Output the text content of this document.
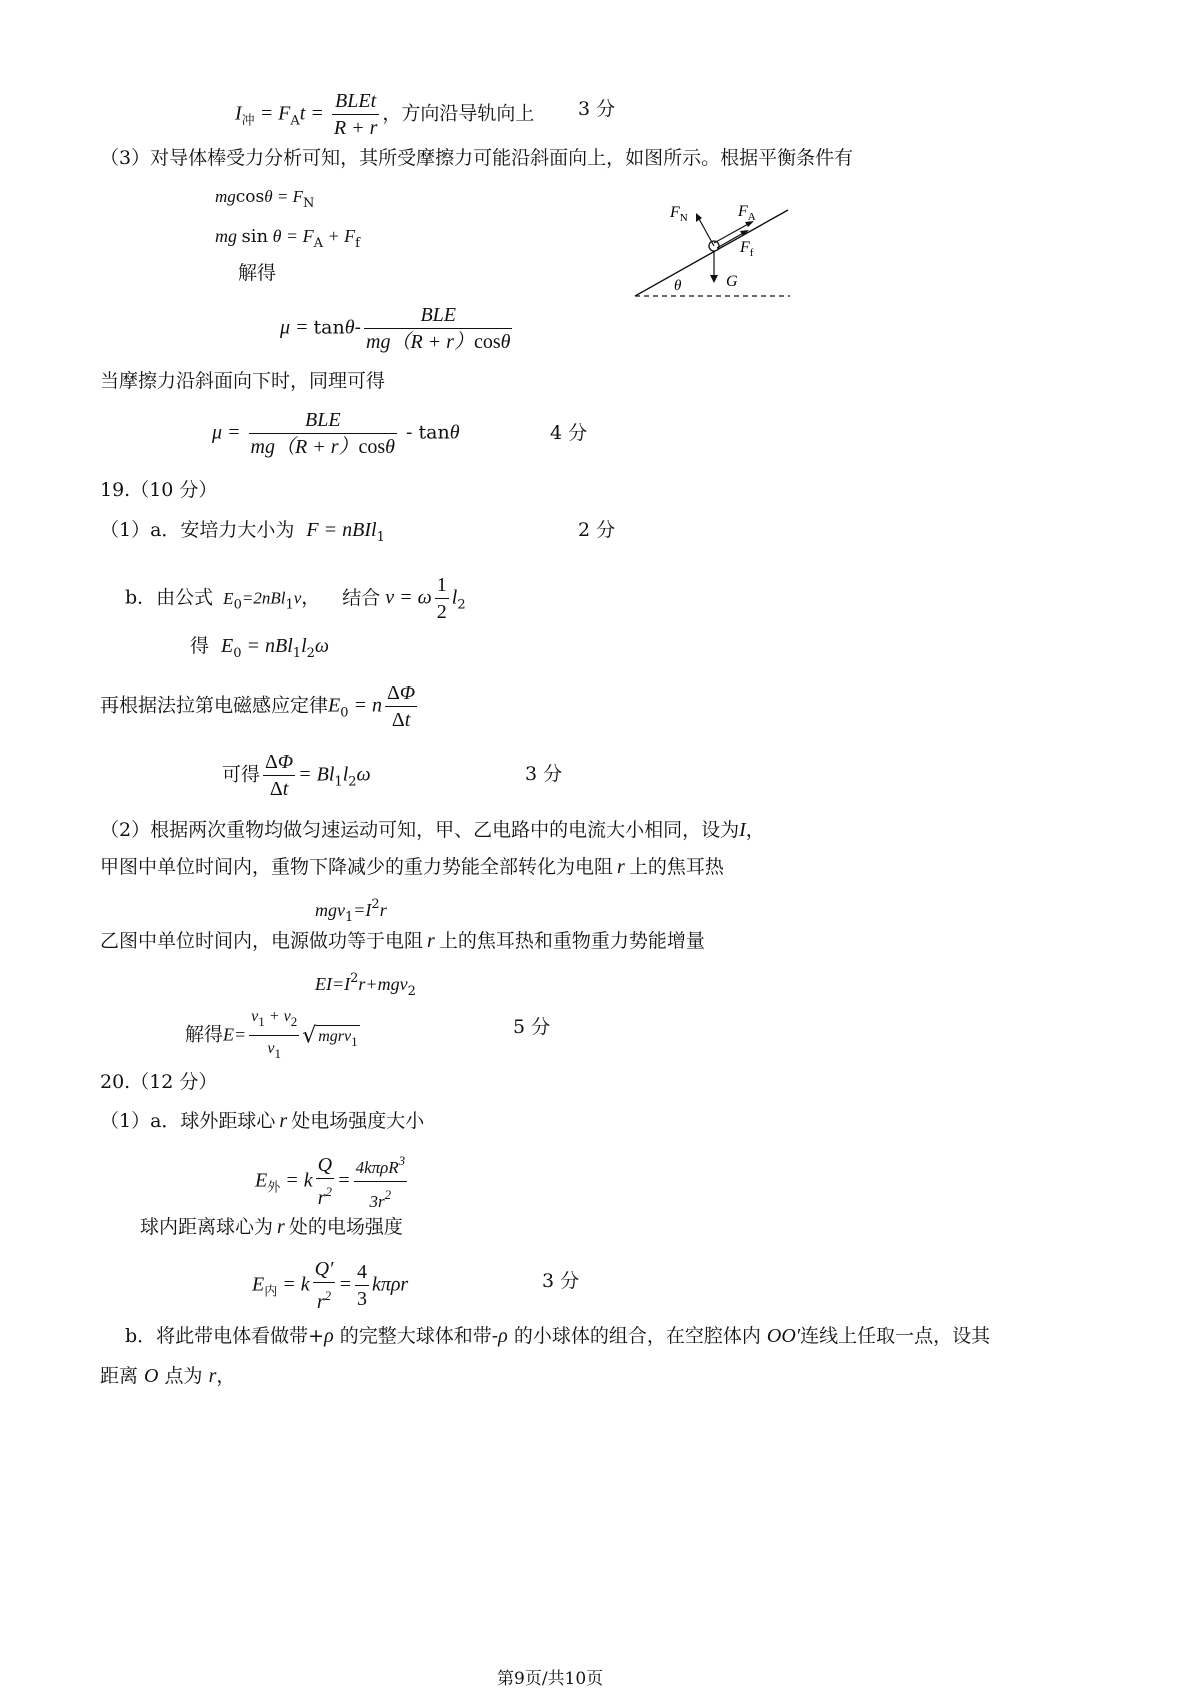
$I_冲 = F_At = \frac{\text{BLEt}}{R + r}$ ，方向沿导轨向上 3 分
（3）对导体棒受力分析可知，其所受摩擦力可能沿斜面向上，如图所示。根据平衡条件有
$mgcos\theta = F_N$
mg $\sin \theta = F_A + F_f$
解得
$\mu = \tan\theta- \frac{\text{BLE}}{mg(R + r)\cos\theta}$
当摩擦力沿斜面向下时，同理可得
$\mu = \frac{\text{BLE}}{mg(R + r)\cos\theta} - \tan\theta$	4 分
$F_N$	$F_A$
$F_f$
G
θ
19.（10 分）
（1）a．安培力大小为 F = nBIl$_1$	2 分
b．由公式 $E_0=2nBl_1v$， 结合 v = ω $\frac{1}{2} l_2$
得 $E_0 = nBl_1l_2\omega$
再根据法拉第电磁感应定律$E_0 = n \frac{\Delta\Phi}{\Delta t}$
可得 $\frac{\Delta\Phi}{\Delta t} = Bl_1l_2\omega$	3 分
（2）根据两次重物均做匀速运动可知，甲、乙电路中的电流大小相同，设为I，
甲图中单位时间内，重物下降减少的重力势能全部转化为电阻 r 上的焦耳热
$mgv_1=I^2r$
乙图中单位时间内，电源做功等于电阻 r 上的焦耳热和重物重力势能增量
$EI=I^2r+mgv_2$
解得$E= \frac{v_1 + v_2}{v_1}$ √ mgrv$_1$
5 分
20.（12 分）
（1）a．球外距球心 r 处电场强度大小
$E_外 = k \frac{Q}{r^2} = \frac{4k\pi\rho R^3}{3r^2}$
球内距离球心为 r 处的电场强度
$E_内 = k \frac{Q'}{r^2} = \frac{4}{3}$ kπρr	3 分
b．将此带电体看做带+ρ 的完整大球体和带-ρ 的小球体的组合，在空腔体内 OO′连线上任取一点，设其
距离 O 点为 r，
第9页/共10页
